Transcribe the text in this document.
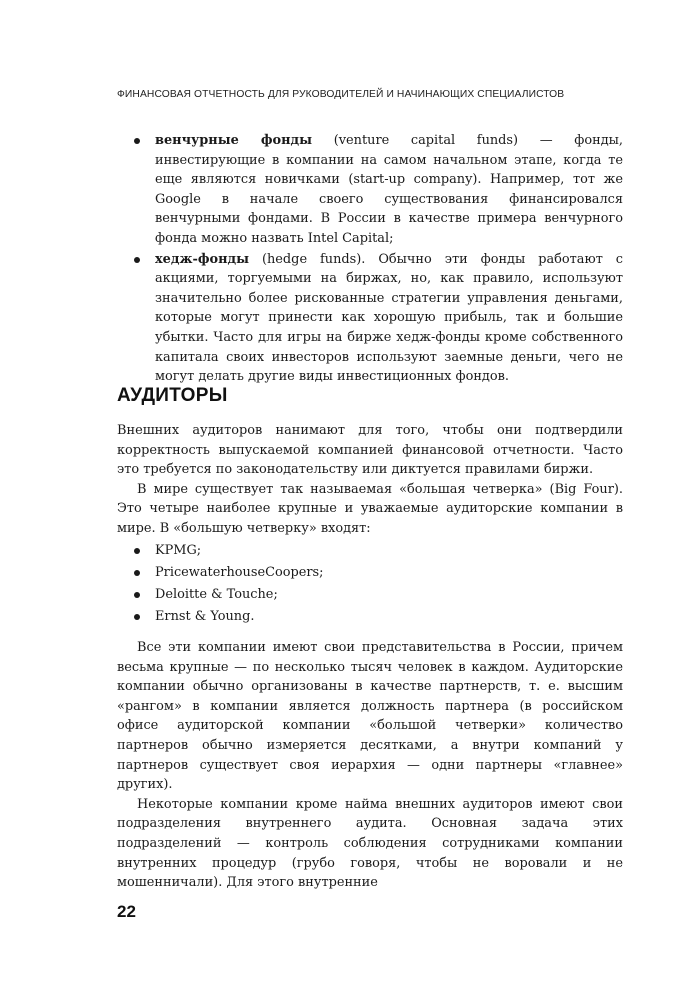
ФИНАНСОВАЯ ОТЧЕТНОСТЬ ДЛЯ РУКОВОДИТЕЛЕЙ И НАЧИНАЮЩИХ СПЕЦИАЛИСТОВ
венчурные фонды (venture capital funds) — фонды, инвестирующие в компании на самом начальном этапе, когда те еще являются новичками (start-up company). Например, тот же Google в начале своего существования финансировался венчурными фондами. В России в качестве примера венчурного фонда можно назвать Intel Capital;
хедж-фонды (hedge funds). Обычно эти фонды работают с акциями, торгуемыми на биржах, но, как правило, используют значительно более рискованные стратегии управления деньгами, которые могут принести как хорошую прибыль, так и большие убытки. Часто для игры на бирже хедж-фонды кроме собственного капитала своих инвесторов используют заемные деньги, чего не могут делать другие виды инвестиционных фондов.
АУДИТОРЫ

Внешних аудиторов нанимают для того, чтобы они подтвердили корректность выпускаемой компанией финансовой отчетности. Часто это требуется по законодательству или диктуется правилами биржи.

В мире существует так называемая «большая четверка» (Big Four). Это четыре наиболее крупные и уважаемые аудиторские компании в мире. В «большую четверку» входят:

KPMG;
PricewaterhouseCoopers;
Deloitte & Touche;
Ernst & Young.

Все эти компании имеют свои представительства в России, причем весьма крупные — по несколько тысяч человек в каждом. Аудиторские компании обычно организованы в качестве партнерств, т. е. высшим «рангом» в компании является должность партнера (в российском офисе аудиторской компании «большой четверки» количество партнеров обычно измеряется десятками, а внутри компаний у партнеров существует своя иерархия — одни партнеры «главнее» других).

Некоторые компании кроме найма внешних аудиторов имеют свои подразделения внутреннего аудита. Основная задача этих подразделений — контроль соблюдения сотрудниками компании внутренних процедур (грубо говоря, чтобы не воровали и не мошенничали). Для этого внутренние

22
